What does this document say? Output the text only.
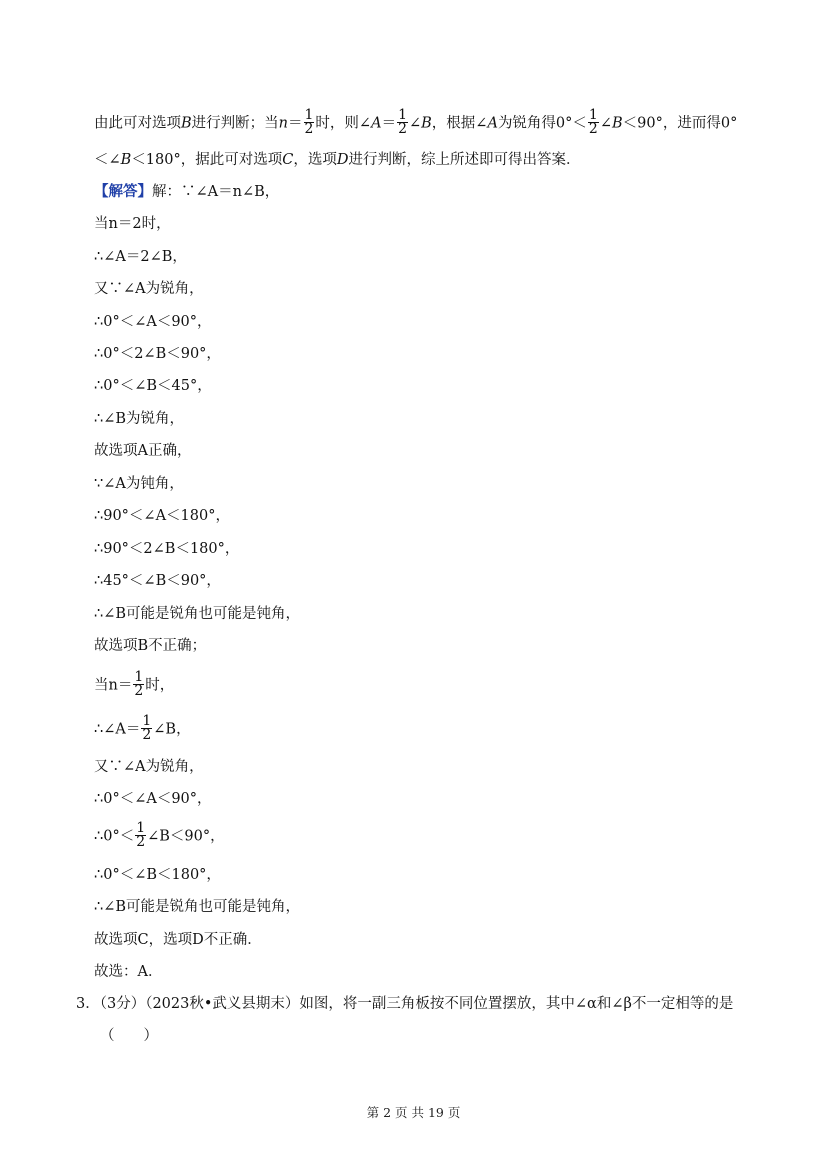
由此可对选项B进行判断；当$n= \frac{1}{2}$ 时，则∠A＝ $\frac{1}{2}$ ∠B，根据∠A为锐角得$0^\circ< \frac{1}{2}$ ∠B＜90°，进而得0°
＜∠B＜180°，据此可对选项C，选项D进行判断，综上所述即可得出答案．
【解答】解：∵∠A＝n∠B，
当n＝2时，
∴∠A＝2∠B，
又∵∠A为锐角，
∴0°＜∠A＜90°，
∴0°＜2∠B＜90°，
∴0°＜∠B＜45°，
∴∠B为锐角，
故选项A正确，
∵∠A为钝角，
∴90°＜∠A＜180°，
∴90°＜2∠B＜180°，
∴45°＜∠B＜90°，
∴∠B可能是锐角也可能是钝角，
故选项B不正确；
当$n= \frac{1}{2}$ 时，
∴∠A＝ $\frac{1}{2}$ ∠B，
又∵∠A为锐角，
∴0°＜∠A＜90°，
∴0°＜ $\frac{1}{2}$ ∠B＜90°，
∴0°＜∠B＜180°，
∴∠B可能是锐角也可能是钝角，
故选项C，选项D不正确．
故选：A．
3．（3分）（2023秋•武义县期末）如图，将一副三角板按不同位置摆放，其中∠α和∠β不一定相等的是
（　　）
第 2 页 共 19 页
